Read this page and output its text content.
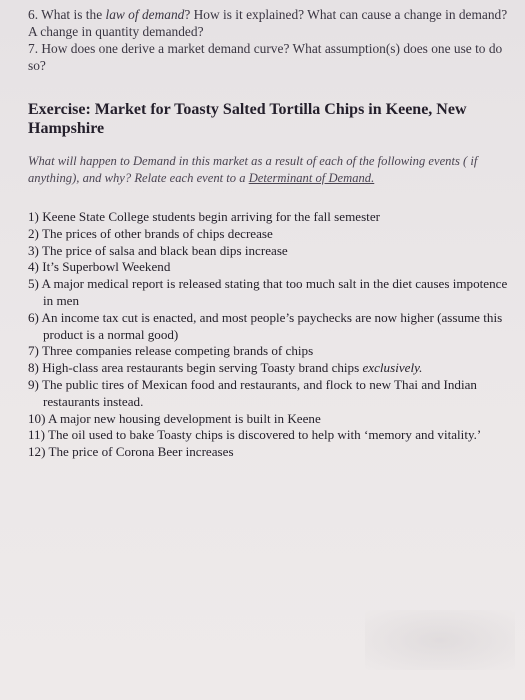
6. What is the law of demand? How is it explained? What can cause a change in demand? A change in quantity demanded?

7. How does one derive a market demand curve? What assumption(s) does one use to do so?

Exercise: Market for Toasty Salted Tortilla Chips in Keene, New Hampshire

What will happen to Demand in this market as a result of each of the following events ( if anything), and why? Relate each event to a Determinant of Demand.

1) Keene State College students begin arriving for the fall semester
2) The prices of other brands of chips decrease
3) The price of salsa and black bean dips increase
4) It’s Superbowl Weekend
5) A major medical report is released stating that too much salt in the diet causes impotence in men
6) An income tax cut is enacted, and most people’s paychecks are now higher (assume this product is a normal good)
7) Three companies release competing brands of chips
8) High-class area restaurants begin serving Toasty brand chips exclusively.
9) The public tires of Mexican food and restaurants, and flock to new Thai and Indian restaurants instead.
10) A major new housing development is built in Keene
11) The oil used to bake Toasty chips is discovered to help with ‘memory and vitality.’
12) The price of Corona Beer increases
